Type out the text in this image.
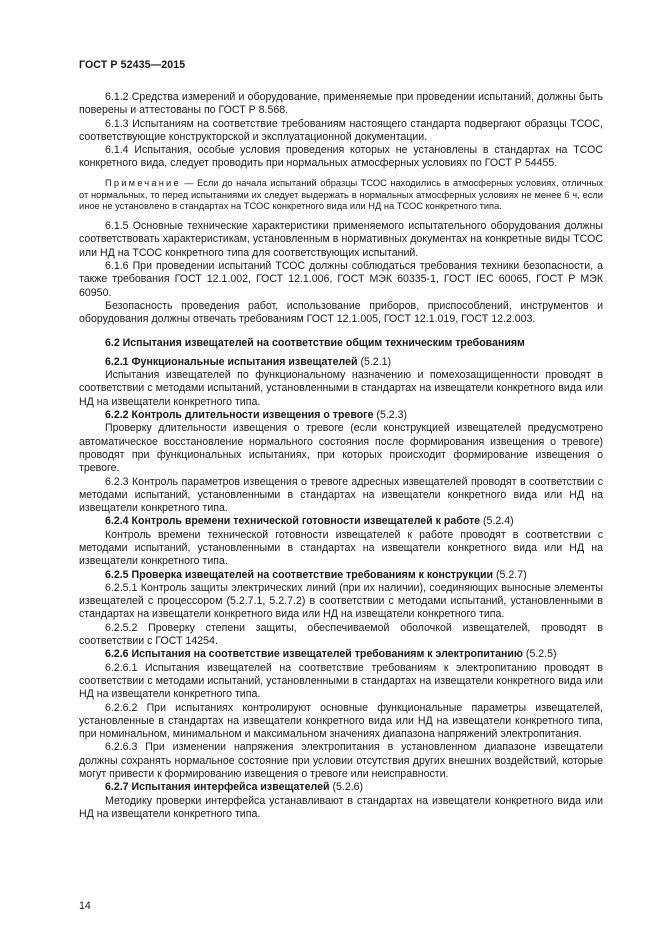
ГОСТ Р 52435—2015

6.1.2 Средства измерений и оборудование, применяемые при проведении испытаний, должны быть поверены и аттестованы по ГОСТ Р 8.568.

6.1.3 Испытаниям на соответствие требованиям настоящего стандарта подвергают образцы ТСОС, соответствующие конструкторской и эксплуатационной документации.

6.1.4 Испытания, особые условия проведения которых не установлены в стандартах на ТСОС конкретного вида, следует проводить при нормальных атмосферных условиях по ГОСТ Р 54455.

Примечание — Если до начала испытаний образцы ТСОС находились в атмосферных условиях, отличных от нормальных, то перед испытаниями их следует выдержать в нормальных атмосферных условиях не менее 6 ч, если иное не установлено в стандартах на ТСОС конкретного вида или НД на ТСОС конкретного типа.

6.1.5 Основные технические характеристики применяемого испытательного оборудования должны соответствовать характеристикам, установленным в нормативных документах на конкретные виды ТСОС или НД на ТСОС конкретного типа для соответствующих испытаний.

6.1.6 При проведении испытаний ТСОС должны соблюдаться требования техники безопасности, а также требования ГОСТ 12.1.002, ГОСТ 12.1.006, ГОСТ МЭК 60335-1, ГОСТ IEC 60065, ГОСТ Р МЭК 60950.

Безопасность проведения работ, использование приборов, приспособлений, инструментов и оборудования должны отвечать требованиям ГОСТ 12.1.005, ГОСТ 12.1.019, ГОСТ 12.2.003.

6.2 Испытания извещателей на соответствие общим техническим требованиям

6.2.1 Функциональные испытания извещателей (5.2.1)

Испытания извещателей по функциональному назначению и помехозащищенности проводят в соответствии с методами испытаний, установленными в стандартах на извещатели конкретного вида или НД на извещатели конкретного типа.

6.2.2 Контроль длительности извещения о тревоге (5.2.3)

Проверку длительности извещения о тревоге (если конструкцией извещателей предусмотрено автоматическое восстановление нормального состояния после формирования извещения о тревоге) проводят при функциональных испытаниях, при которых происходит формирование извещения о тревоге.

6.2.3 Контроль параметров извещения о тревоге адресных извещателей проводят в соответствии с методами испытаний, установленными в стандартах на извещатели конкретного вида или НД на извещатели конкретного типа.

6.2.4 Контроль времени технической готовности извещателей к работе (5.2.4)

Контроль времени технической готовности извещателей к работе проводят в соответствии с методами испытаний, установленными в стандартах на извещатели конкретного вида или НД на извещатели конкретного типа.

6.2.5 Проверка извещателей на соответствие требованиям к конструкции (5.2.7)

6.2.5.1 Контроль защиты электрических линий (при их наличии), соединяющих выносные элементы извещателей с процессором (5.2.7.1, 5.2.7.2) в соответствии с методами испытаний, установленными в стандартах на извещатели конкретного вида или НД на извещатели конкретного типа.

6.2.5.2 Проверку степени защиты, обеспечиваемой оболочкой извещателей, проводят в соответствии с ГОСТ 14254.

6.2.6 Испытания на соответствие извещателей требованиям к электропитанию (5.2.5)

6.2.6.1 Испытания извещателей на соответствие требованиям к электропитанию проводят в соответствии с методами испытаний, установленными в стандартах на извещатели конкретного вида или НД на извещатели конкретного типа.

6.2.6.2 При испытаниях контролируют основные функциональные параметры извещателей, установленные в стандартах на извещатели конкретного вида или НД на извещатели конкретного типа, при номинальном, минимальном и максимальном значениях диапазона напряжений электропитания.

6.2.6.3 При изменении напряжения электропитания в установленном диапазоне извещатели должны сохранять нормальное состояние при условии отсутствия других внешних воздействий, которые могут привести к формированию извещения о тревоге или неисправности.

6.2.7 Испытания интерфейса извещателей (5.2.6)

Методику проверки интерфейса устанавливают в стандартах на извещатели конкретного вида или НД на извещатели конкретного типа.

14
